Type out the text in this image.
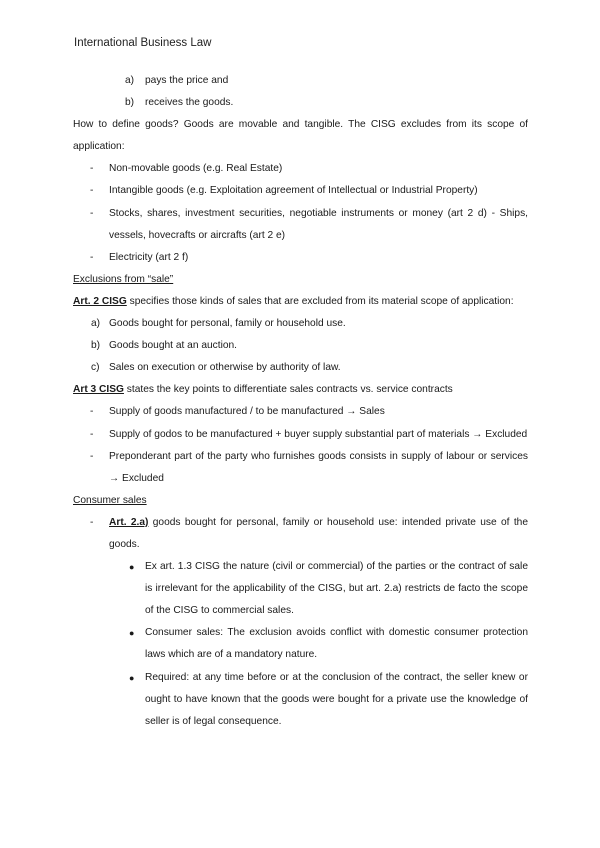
International Business Law
a) pays the price and
b) receives the goods.
How to define goods? Goods are movable and tangible. The CISG excludes from its scope of application:
- Non-movable goods (e.g. Real Estate)
- Intangible goods (e.g. Exploitation agreement of Intellectual or Industrial Property)
- Stocks, shares, investment securities, negotiable instruments or money (art 2 d) - Ships, vessels, hovecrafts or aircrafts (art 2 e)
- Electricity (art 2 f)
Exclusions from “sale”
Art. 2 CISG specifies those kinds of sales that are excluded from its material scope of application:
a) Goods bought for personal, family or household use.
b) Goods bought at an auction.
c) Sales on execution or otherwise by authority of law.
Art 3 CISG states the key points to differentiate sales contracts vs. service contracts
- Supply of goods manufactured / to be manufactured → Sales
- Supply of godos to be manufactured + buyer supply substantial part of materials → Excluded
- Preponderant part of the party who furnishes goods consists in supply of labour or services → Excluded
Consumer sales
- Art. 2.a) goods bought for personal, family or household use: intended private use of the goods.
● Ex art. 1.3 CISG the nature (civil or commercial) of the parties or the contract of sale is irrelevant for the applicability of the CISG, but art. 2.a) restricts de facto the scope of the CISG to commercial sales.
● Consumer sales: The exclusion avoids conflict with domestic consumer protection laws which are of a mandatory nature.
● Required: at any time before or at the conclusion of the contract, the seller knew or ought to have known that the goods were bought for a private use the knowledge of seller is of legal consequence.
